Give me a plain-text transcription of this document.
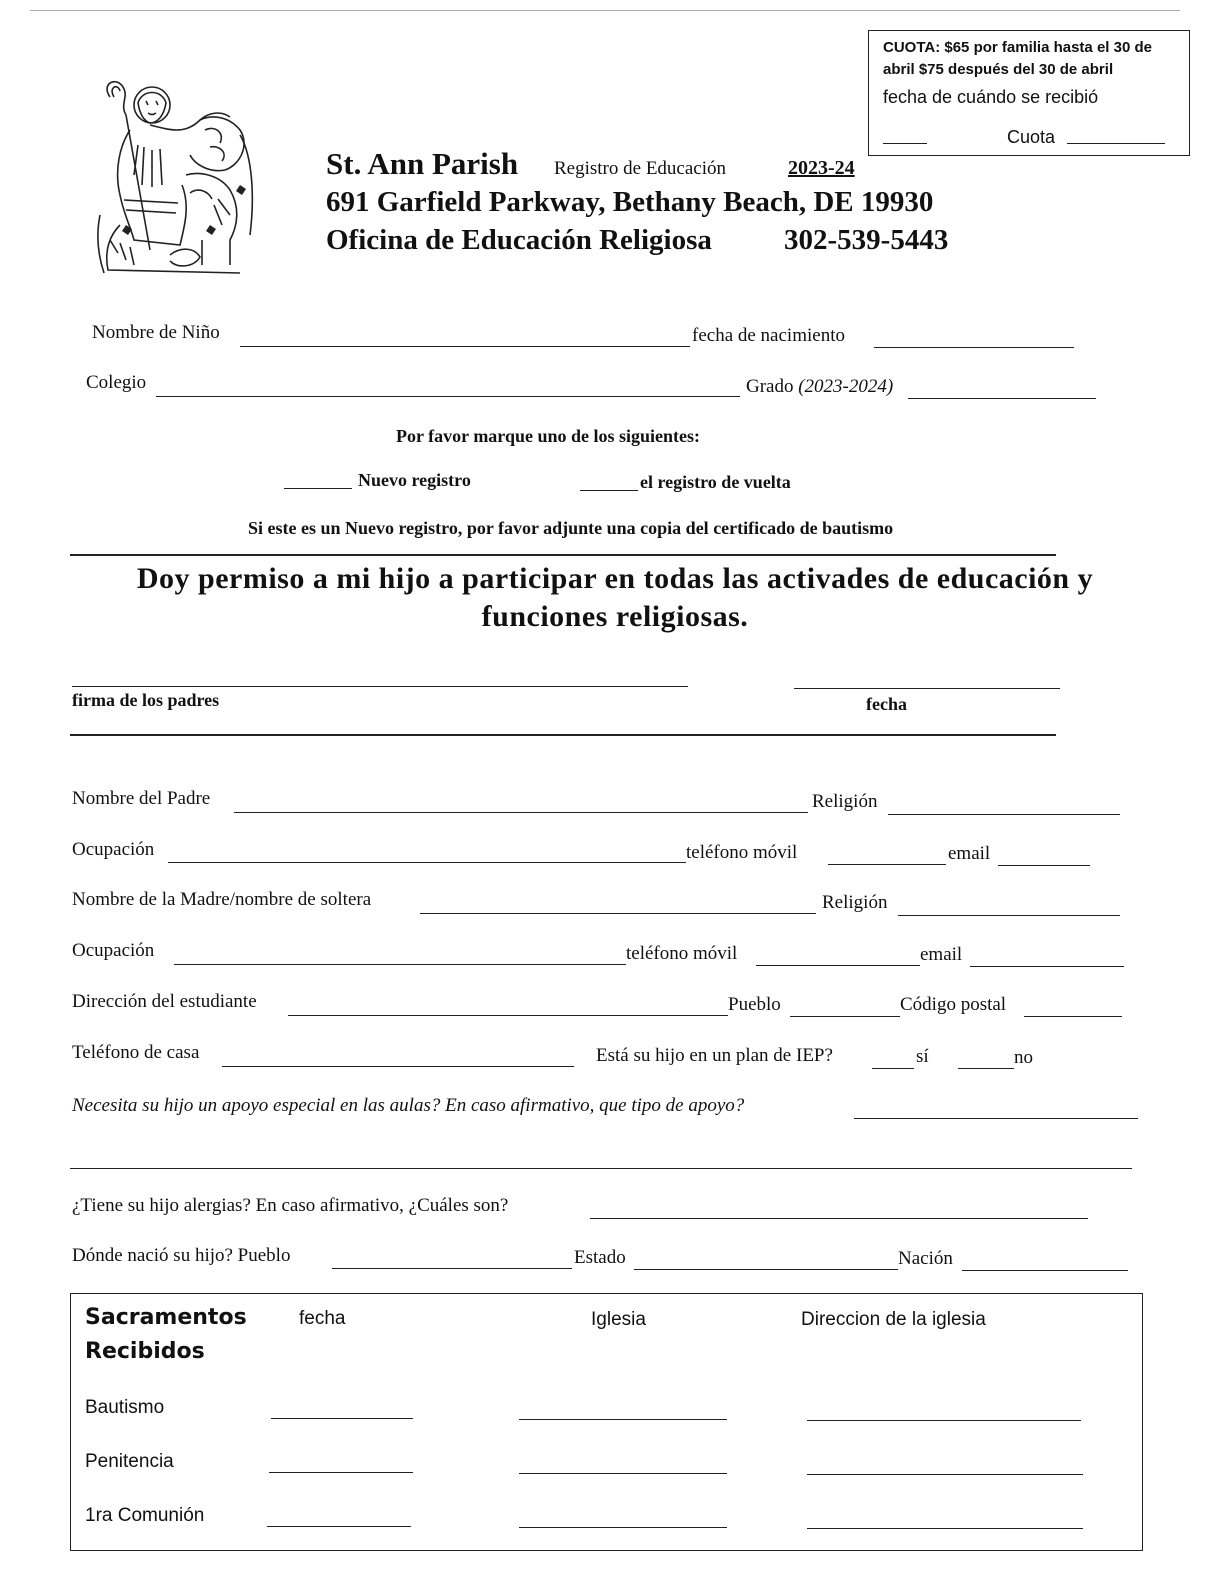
CUOTA: $65 por familia hasta el 30 de
abril $75 después del 30 de abril
fecha de cuándo se recibió
Cuota
St. Ann Parish Registro de Educación	2023-24
691 Garfield Parkway, Bethany Beach, DE 19930
Oficina de Educación Religiosa 302-539-5443
Nombre de Niño	fecha de nacimiento
Colegio	Grado (2023-2024)
Por favor marque uno de los siguientes:
Nuevo registro	el registro de vuelta
Si este es un Nuevo registro, por favor adjunte una copia del certificado de bautismo
Doy permiso a mi hijo a participar en todas las activades de educación y funciones religiosas.
firma de los padres	fecha
Nombre del Padre	Religión
Ocupación	teléfono móvil	email
Nombre de la Madre/nombre de soltera	Religión
Ocupación	teléfono móvil	email
Dirección del estudiante	Pueblo	Código postal
Teléfono de casa	Está su hijo en un plan de IEP?	sí	no
Necesita su hijo un apoyo especial en las aulas? En caso afirmativo, que tipo de apoyo?
¿Tiene su hijo alergias? En caso afirmativo, ¿Cuáles son?
Dónde nació su hijo? Pueblo	Estado	Nación
Sacramentos
Recibidos
fecha	Iglesia	Direccion de la iglesia
Bautismo
Penitencia
1ra Comunión
